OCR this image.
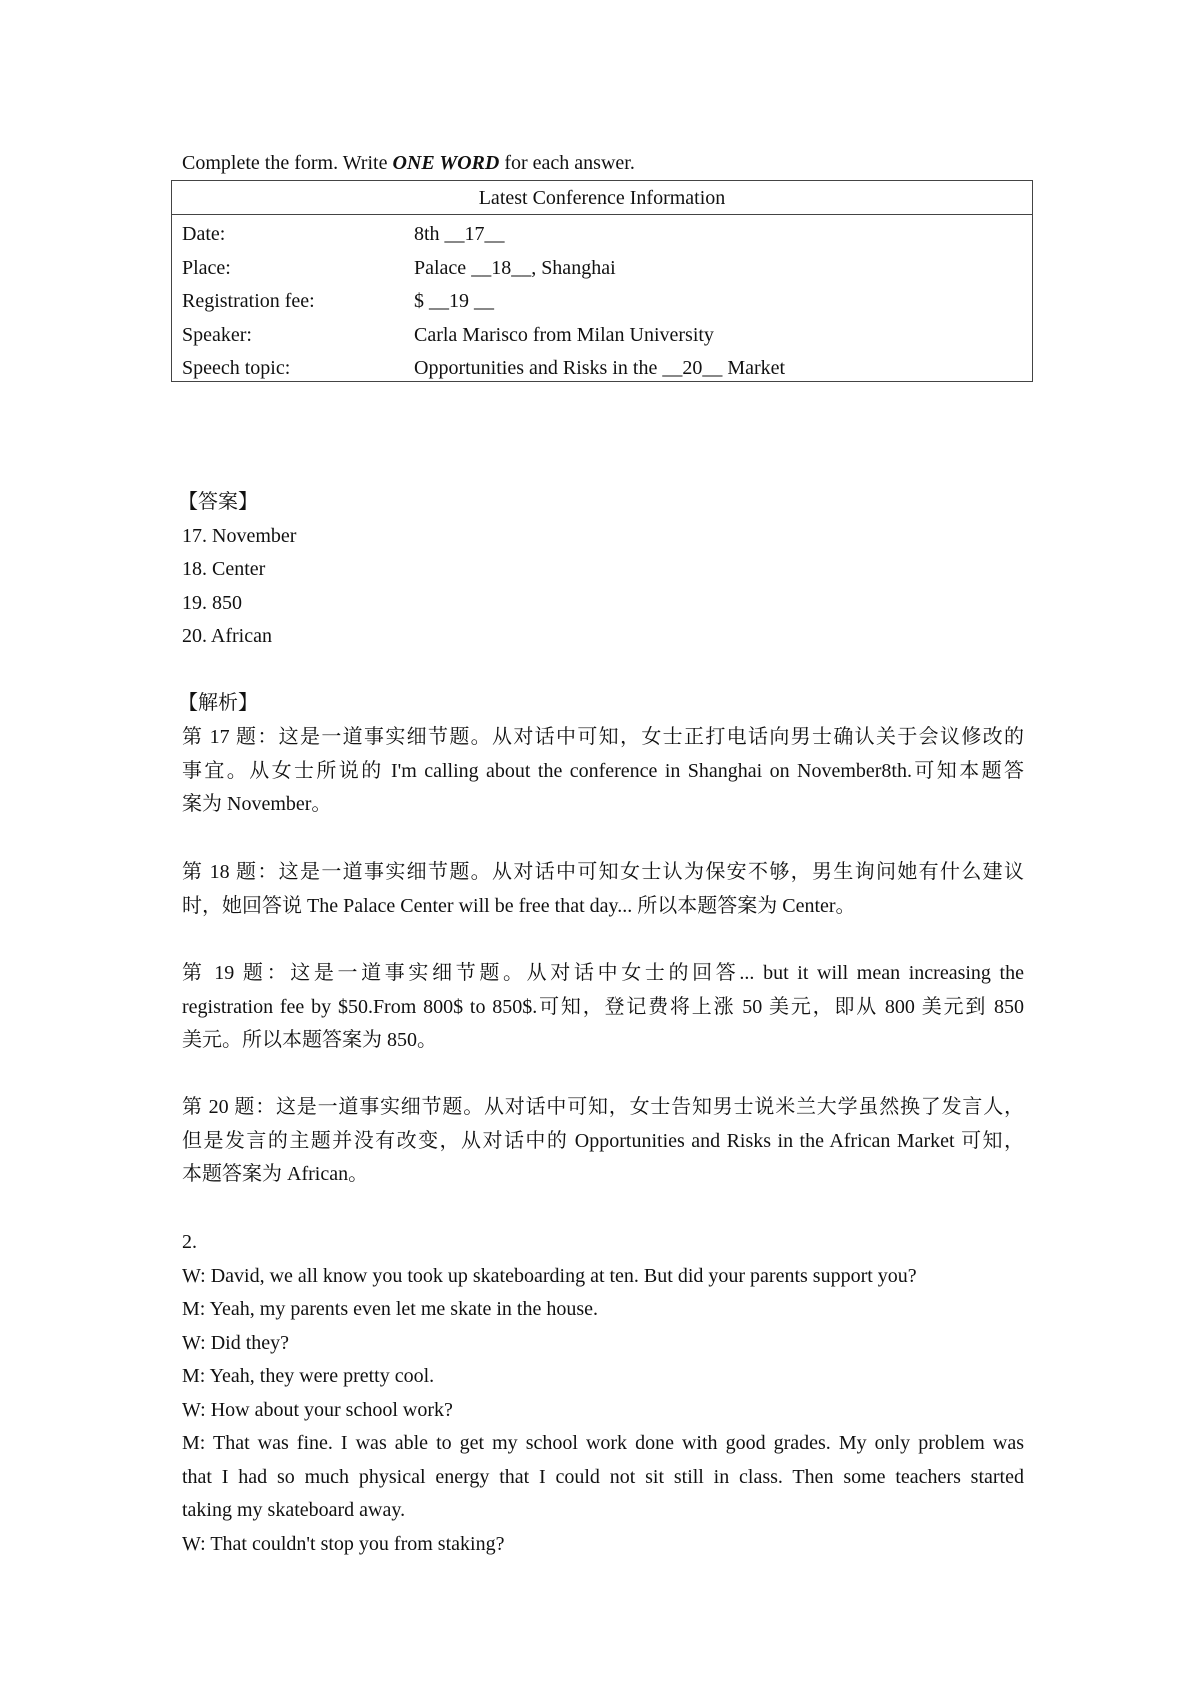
Complete the form. Write ONE WORD for each answer.
Latest Conference Information
Date:	8th __17__
Place:	Palace __18__, Shanghai
Registration fee:	$ __19 __
Speaker:	Carla Marisco from Milan University
Speech topic:	Opportunities and Risks in the __20__ Market
【答案】
17. November
18. Center
19. 850
20. African
【解析】
第 17 题：这是一道事实细节题。从对话中可知，女士正打电话向男士确认关于会议修改的
事宜。从女士所说的 I'm calling about the conference in Shanghai on November8th.可知本题答
案为 November。
第 18 题：这是一道事实细节题。从对话中可知女士认为保安不够，男生询问她有什么建议
时，她回答说 The Palace Center will be free that day... 所以本题答案为 Center。
第 19 题：这是一道事实细节题。从对话中女士的回答... but it will mean increasing the
registration fee by $50.From 800$ to 850$.可知，登记费将上涨 50 美元，即从 800 美元到 850
美元。所以本题答案为 850。
第 20 题：这是一道事实细节题。从对话中可知，女士告知男士说米兰大学虽然换了发言人，
但是发言的主题并没有改变，从对话中的 Opportunities and Risks in the African Market 可知，
本题答案为 African。
2.
W: David, we all know you took up skateboarding at ten. But did your parents support you?
M: Yeah, my parents even let me skate in the house.
W: Did they?
M: Yeah, they were pretty cool.
W: How about your school work?
M: That was fine. I was able to get my school work done with good grades. My only problem was
that I had so much physical energy that I could not sit still in class. Then some teachers started
taking my skateboard away.
W: That couldn't stop you from staking?
